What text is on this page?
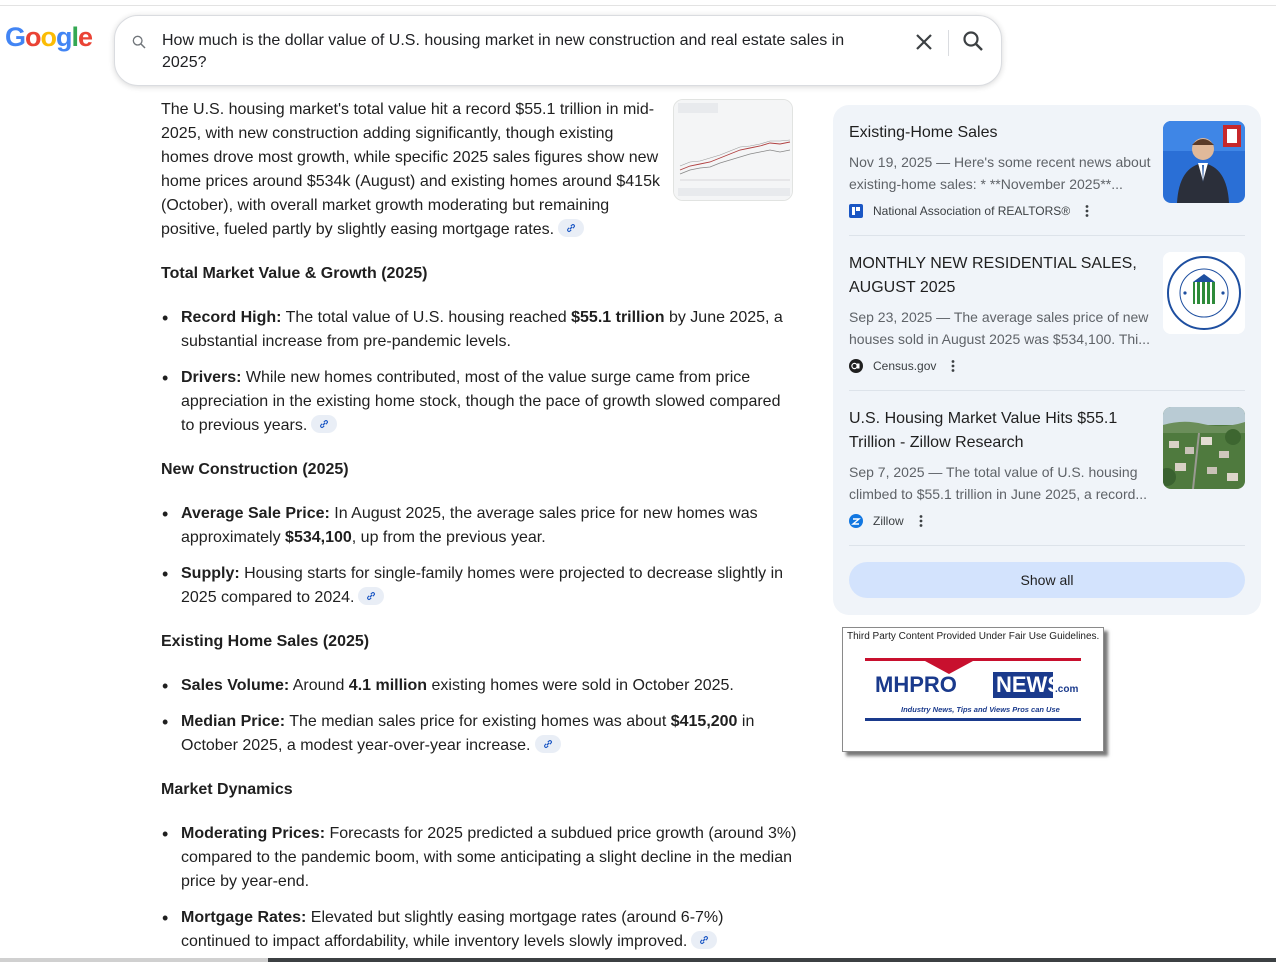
Google	How much is the dollar value of U.S. housing market in new construction and real estate sales in 2025?
The U.S. housing market's total value hit a record $55.1 trillion in mid-2025, with new construction adding significantly, though existing homes drove most growth, while specific 2025 sales figures show new home prices around $534k (August) and existing homes around $415k (October), with overall market growth moderating but remaining positive, fueled partly by slightly easing mortgage rates.
Total Market Value & Growth (2025)
• Record High: The total value of U.S. housing reached $55.1 trillion by June 2025, a substantial increase from pre-pandemic levels.
• Drivers: While new homes contributed, most of the value surge came from price appreciation in the existing home stock, though the pace of growth slowed compared to previous years.
New Construction (2025)
• Average Sale Price: In August 2025, the average sales price for new homes was approximately $534,100, up from the previous year.
• Supply: Housing starts for single-family homes were projected to decrease slightly in 2025 compared to 2024.
Existing Home Sales (2025)
• Sales Volume: Around 4.1 million existing homes were sold in October 2025.
• Median Price: The median sales price for existing homes was about $415,200 in October 2025, a modest year-over-year increase.
Market Dynamics
• Moderating Prices: Forecasts for 2025 predicted a subdued price growth (around 3%) compared to the pandemic boom, with some anticipating a slight decline in the median price by year-end.
• Mortgage Rates: Elevated but slightly easing mortgage rates (around 6-7%) continued to impact affordability, while inventory levels slowly improved.
Existing-Home Sales
Nov 19, 2025 — Here's some recent news about existing-home sales: * **November 2025**...
National Association of REALTORS®
MONTHLY NEW RESIDENTIAL SALES, AUGUST 2025
Sep 23, 2025 — The average sales price of new houses sold in August 2025 was $534,100. Thi...
Census.gov
U.S. Housing Market Value Hits $55.1 Trillion - Zillow Research
Sep 7, 2025 — The total value of U.S. housing climbed to $55.1 trillion in June 2025, a record...
Zillow
Show all
Third Party Content Provided Under Fair Use Guidelines.
MHPRO NEWS
.com
Industry News, Tips and Views Pros can Use
